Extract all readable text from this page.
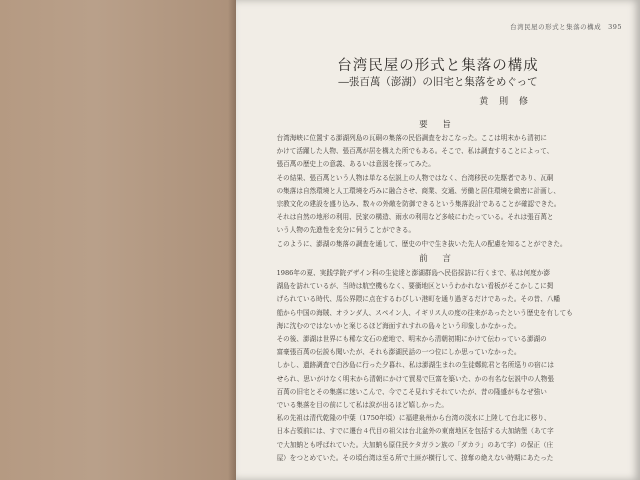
台湾民屋の形式と集落の構成　395
台湾民屋の形式と集落の構成
―張百萬（澎湖）の旧宅と集落をめぐって
黄 則 修
要 旨

台湾海峡に位置する澎湖列島の瓦硐の集落の民俗調査をおこなった。ここは明末から清初に

かけて活躍した人物、張百萬が居を構えた所でもある。そこで、私は調査することによって、

張百萬の歴史上の意義、あるいは意図を探ってみた。

その結果、張百萬という人物は単なる伝説上の人物ではなく、台湾移民の先駆者であり、瓦硐

の集落は自然環境と人工環境を巧みに融合させ、商業、交通、労働と居住環境を緻密に計画し、

宗教文化の建設を盛り込み、数々の外敵を防御できるという集落設計であることが確認できた。

それは自然の地形の利用、民家の構造、雨水の利用など多岐にわたっている。それは張百萬と

いう人物の先進性を充分に伺うことができる。

このように、澎湖の集落の調査を通して、歴史の中で生き抜いた先人の配慮を知ることができた。

前 言

1986年の夏、実践学院デザイン科の生徒達と澎湖群島へ民俗採訪に行くまで、私は何度か澎

湖島を訪れているが、当時は航空機もなく、要衝地区というわかれない看板がそこかしこに掲

げられている時代、馬公界隈に点在するわびしい港町を通り過ぎるだけであった。その昔、八幡

船から中国の海賊、オランダ人、スペイン人、イギリス人の度の往来があったという歴史を有しても

海に沈むのではないかと案じるほど海面すれすれの島々という印象しかなかった。

その後、澎湖は世界にも稀な文石の産地で、明末から清朝初期にかけて伝わっている澎湖の

富豪張百萬の伝説も聞いたが、それも澎湖民話の一つ位にしか思っていなかった。

しかし、遺跡調査で白沙島に行った夕暮れ、私は澎湖生まれの生徒鄭紘君と名所巡りの宿には

せられ、思いがけなく明末から清朝にかけて貿易で巨富を築いた、かの有名な伝説中の人物張

百萬の旧宅とその集落に迷いこんで、今でこそ見れすそれていたが、昔の隆盛がもなぜ強い

でいる集落を目の前にして私は涙が出るほど嬉しかった。

私の先祖は清代乾隆の中葉（1750年頃）に福建泉州から台湾の淡水に上陸して台北に移り、

日本占領前には、すでに遷台４代目の祖父は台北盆外の東南地区を包括する大加納堡（あて字

で大加蚋とも呼ばれていた。大加蚋も原住民ケタガラン族の「ダカラ」のあて字）の保正（庄

屋）をつとめていた。その頃台湾は至る所で土匪が横行して、掠奪の絶えない時期にあたった
